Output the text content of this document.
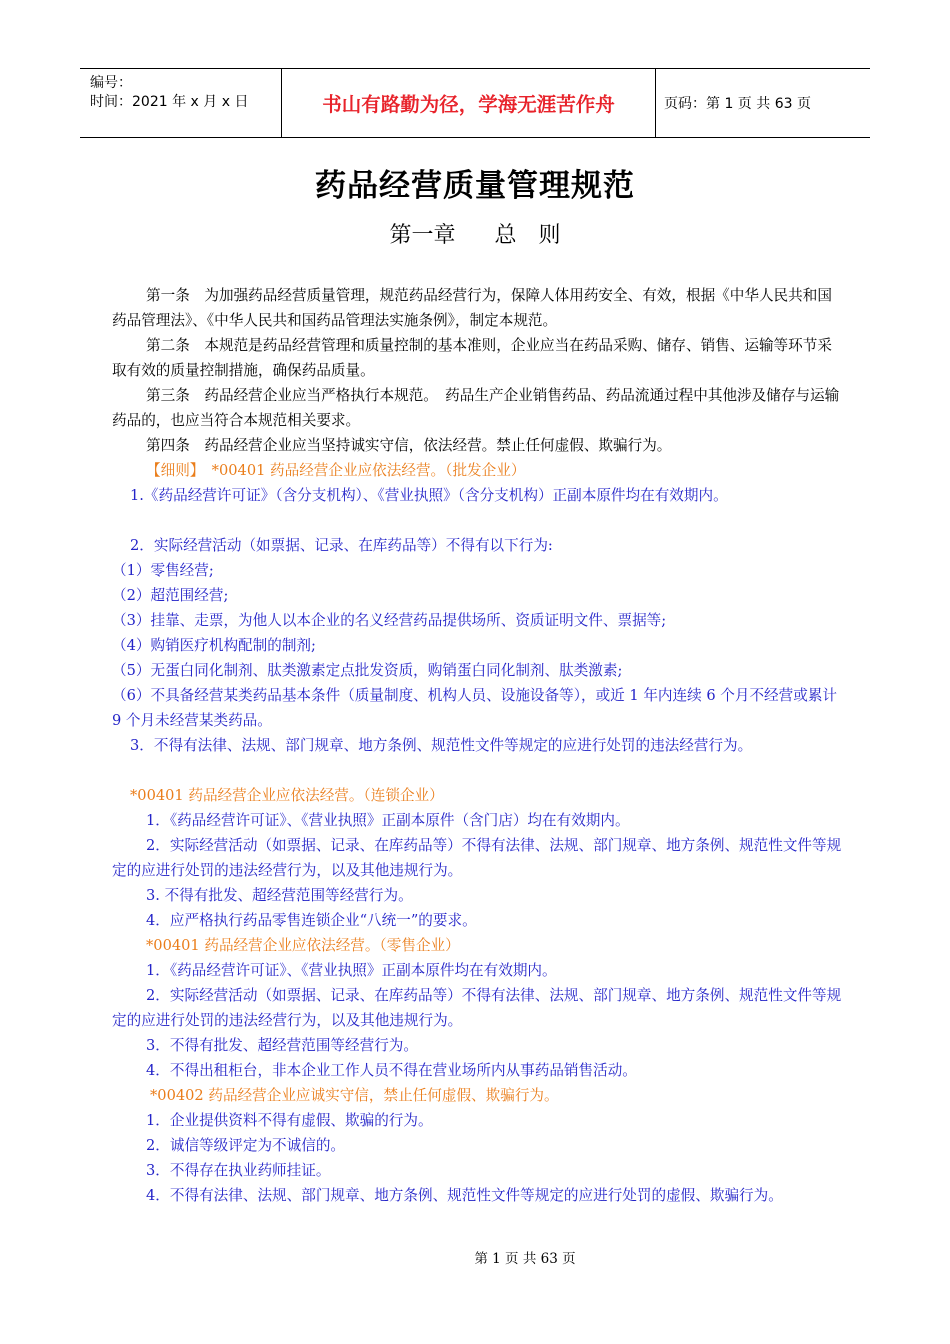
编号：
时间：2021 年 x 月 x 日	书山有路勤为径，学海无涯苦作舟	页码：第 1 页 共 63 页
药品经营质量管理规范
第一章　 总　则

第一条　为加强药品经营质量管理，规范药品经营行为，保障人体用药安全、有效，根据《中华人民共和国药品管理法》、《中华人民共和国药品管理法实施条例》，制定本规范。

第二条　本规范是药品经营管理和质量控制的基本准则，企业应当在药品采购、储存、销售、运输等环节采取有效的质量控制措施，确保药品质量。

第三条　药品经营企业应当严格执行本规范。　药品生产企业销售药品、药品流通过程中其他涉及储存与运输药品的，也应当符合本规范相关要求。

第四条　药品经营企业应当坚持诚实守信，依法经营。禁止任何虚假、欺骗行为。

【细则】　*00401 药品经营企业应依法经营。（批发企业）

1.《药品经营许可证》（含分支机构）、《营业执照》（含分支机构）正副本原件均在有效期内。

2．实际经营活动（如票据、记录、在库药品等）不得有以下行为:

（1）零售经营;

（2）超范围经营;

（3）挂靠、走票，为他人以本企业的名义经营药品提供场所、资质证明文件、票据等;

（4）购销医疗机构配制的制剂;

（5）无蛋白同化制剂、肽类激素定点批发资质，购销蛋白同化制剂、肽类激素;

（6）不具备经营某类药品基本条件（质量制度、机构人员、设施设备等），或近 1 年内连续 6 个月不经营或累计 9 个月未经营某类药品。

3．不得有法律、法规、部门规章、地方条例、规范性文件等规定的应进行处罚的违法经营行为。

*00401 药品经营企业应依法经营。（连锁企业）

1．《药品经营许可证》、《营业执照》正副本原件（含门店）均在有效期内。

2．实际经营活动（如票据、记录、在库药品等）不得有法律、法规、部门规章、地方条例、规范性文件等规定的应进行处罚的违法经营行为，以及其他违规行为。

3. 不得有批发、超经营范围等经营行为。

4．应严格执行药品零售连锁企业“八统一”的要求。

*00401 药品经营企业应依法经营。（零售企业）

1．《药品经营许可证》、《营业执照》正副本原件均在有效期内。

2．实际经营活动（如票据、记录、在库药品等）不得有法律、法规、部门规章、地方条例、规范性文件等规定的应进行处罚的违法经营行为，以及其他违规行为。

3．不得有批发、超经营范围等经营行为。

4．不得出租柜台，非本企业工作人员不得在营业场所内从事药品销售活动。

*00402 药品经营企业应诚实守信，禁止任何虚假、欺骗行为。

1．企业提供资料不得有虚假、欺骗的行为。

2．诚信等级评定为不诚信的。

3．不得存在执业药师挂证。

4．不得有法律、法规、部门规章、地方条例、规范性文件等规定的应进行处罚的虚假、欺骗行为。

第 1 页 共 63 页
